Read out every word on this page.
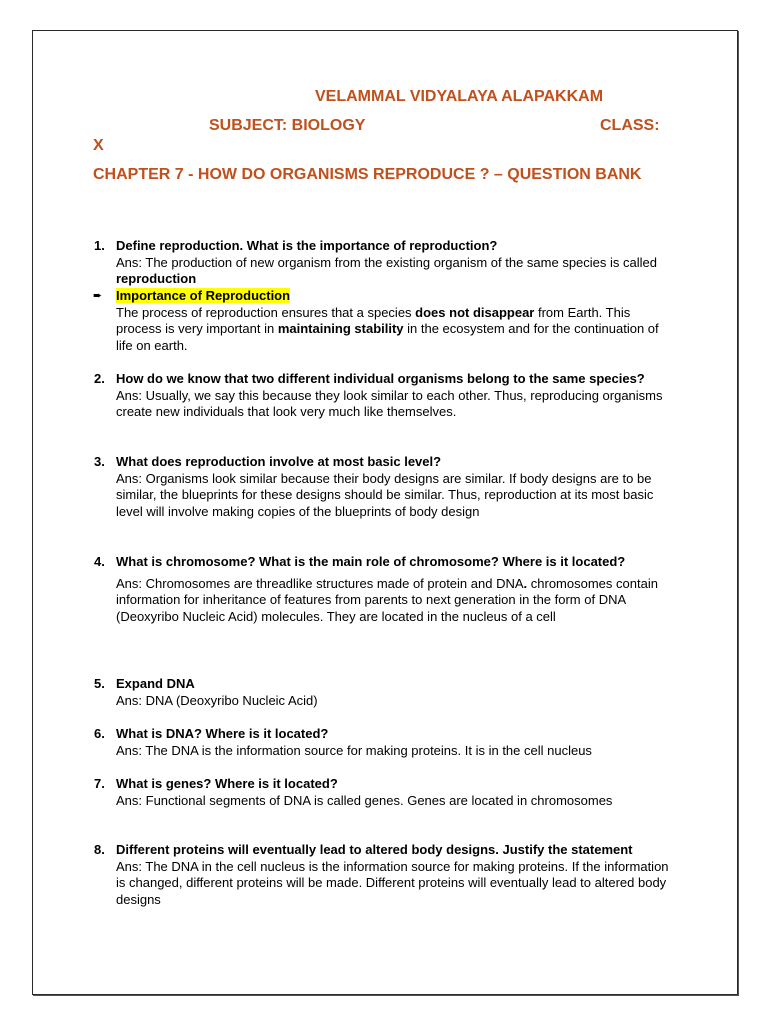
VELAMMAL VIDYALAYA ALAPAKKAM
SUBJECT: BIOLOGY	CLASS:
X
CHAPTER 7 - HOW DO ORGANISMS REPRODUCE ? – QUESTION BANK
1. Define reproduction. What is the importance of reproduction?
Ans: The production of new organism from the existing organism of the same species is called reproduction
➨ Importance of Reproduction
The process of reproduction ensures that a species does not disappear from Earth. This process is very important in maintaining stability in the ecosystem and for the continuation of life on earth.
2. How do we know that two different individual organisms belong to the same species?
Ans: Usually, we say this because they look similar to each other. Thus, reproducing organisms create new individuals that look very much like themselves.
3. What does reproduction involve at most basic level?
Ans: Organisms look similar because their body designs are similar. If body designs are to be similar, the blueprints for these designs should be similar. Thus, reproduction at its most basic level will involve making copies of the blueprints of body design
4. What is chromosome? What is the main role of chromosome? Where is it located?
Ans: Chromosomes are threadlike structures made of protein and DNA. chromosomes contain information for inheritance of features from parents to next generation in the form of DNA (Deoxyribo Nucleic Acid) molecules. They are located in the nucleus of a cell
5. Expand DNA
Ans: DNA (Deoxyribo Nucleic Acid)
6. What is DNA? Where is it located?
Ans: The DNA is the information source for making proteins. It is in the cell nucleus
7. What is genes? Where is it located?
Ans: Functional segments of DNA is called genes. Genes are located in chromosomes
8. Different proteins will eventually lead to altered body designs. Justify the statement
Ans: The DNA in the cell nucleus is the information source for making proteins. If the information is changed, different proteins will be made. Different proteins will eventually lead to altered body designs
